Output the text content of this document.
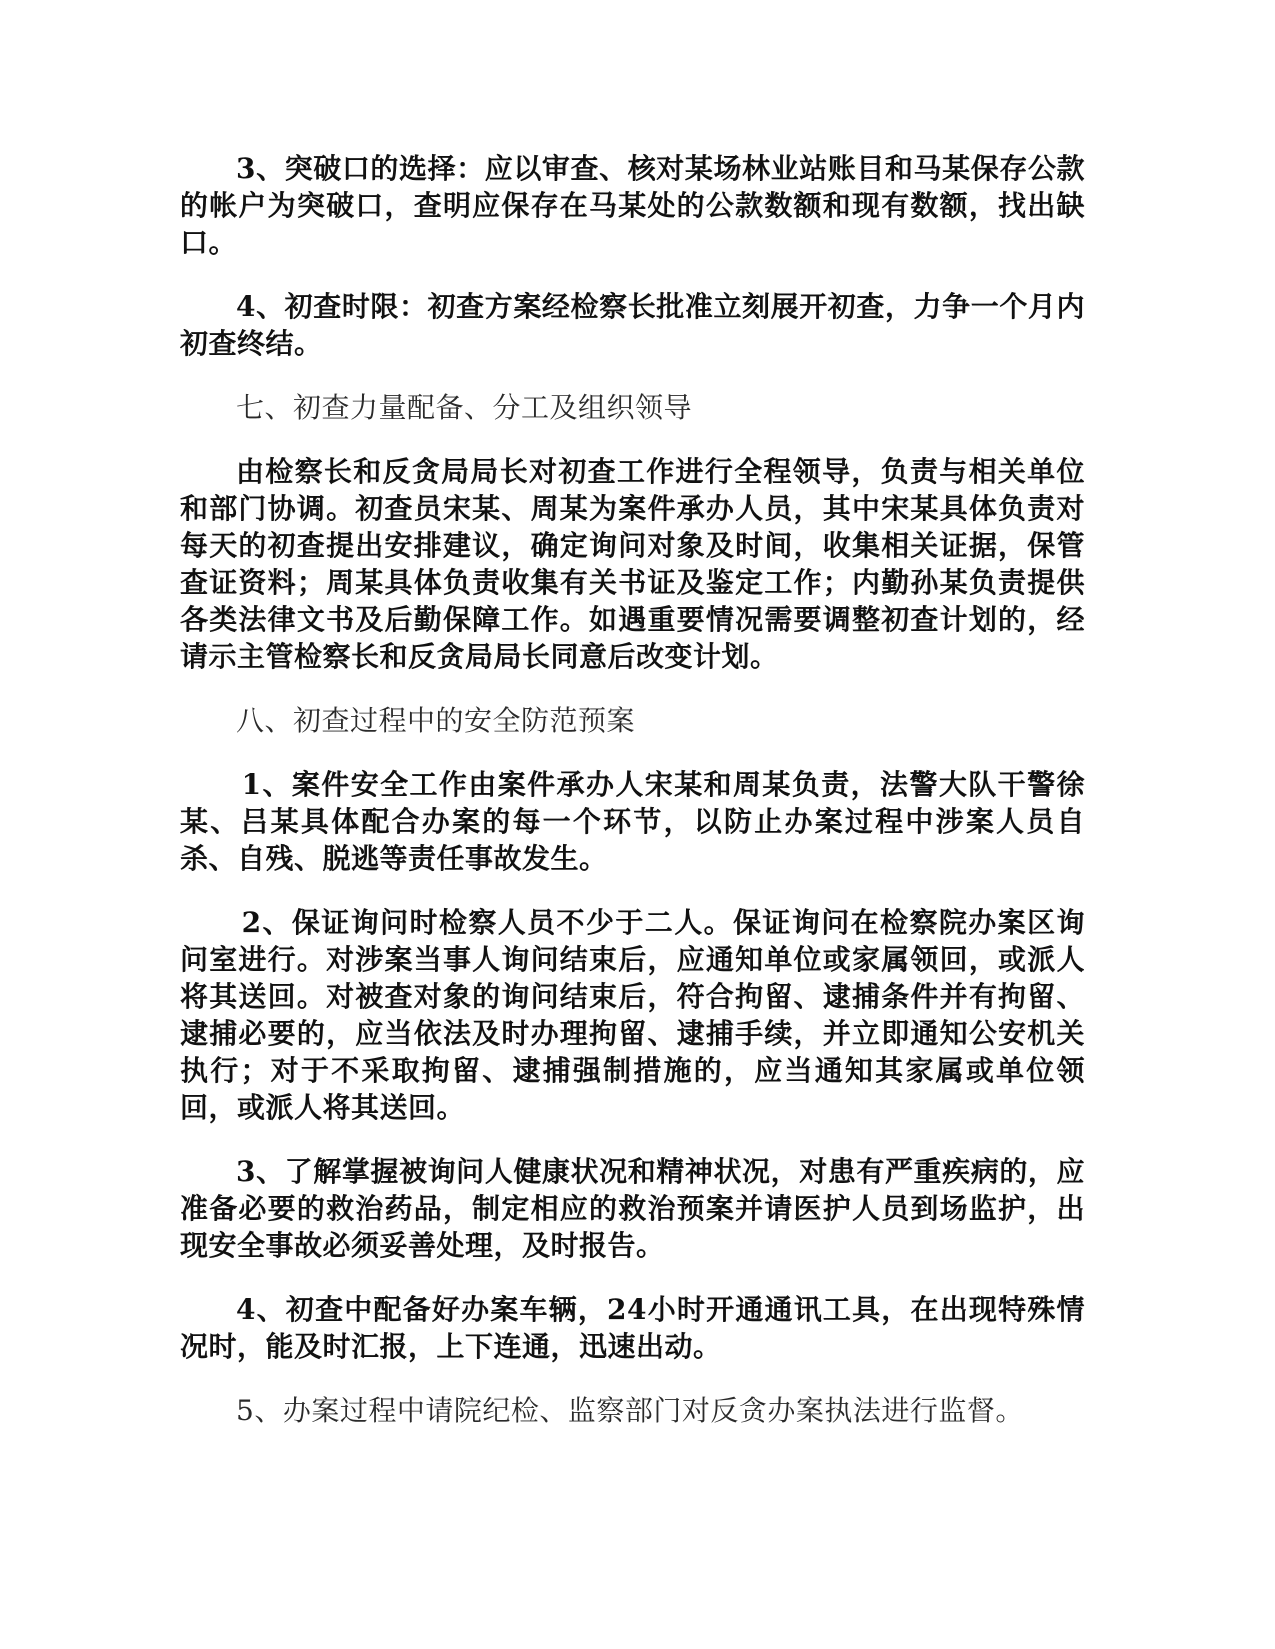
3、突破口的选择：应以审查、核对某场林业站账目和马某保存公款的帐户为突破口，查明应保存在马某处的公款数额和现有数额，找出缺口。

4、初查时限：初查方案经检察长批准立刻展开初查，力争一个月内初查终结。

七、初查力量配备、分工及组织领导

由检察长和反贪局局长对初查工作进行全程领导，负责与相关单位和部门协调。初查员宋某、周某为案件承办人员，其中宋某具体负责对每天的初查提出安排建议，确定询问对象及时间，收集相关证据，保管查证资料；周某具体负责收集有关书证及鉴定工作；内勤孙某负责提供各类法律文书及后勤保障工作。如遇重要情况需要调整初查计划的，经请示主管检察长和反贪局局长同意后改变计划。

八、初查过程中的安全防范预案

1、案件安全工作由案件承办人宋某和周某负责，法警大队干警徐某、吕某具体配合办案的每一个环节，以防止办案过程中涉案人员自杀、自残、脱逃等责任事故发生。

2、保证询问时检察人员不少于二人。保证询问在检察院办案区询问室进行。对涉案当事人询问结束后，应通知单位或家属领回，或派人将其送回。对被查对象的询问结束后，符合拘留、逮捕条件并有拘留、逮捕必要的，应当依法及时办理拘留、逮捕手续，并立即通知公安机关执行；对于不采取拘留、逮捕强制措施的，应当通知其家属或单位领回，或派人将其送回。

3、了解掌握被询问人健康状况和精神状况，对患有严重疾病的，应准备必要的救治药品，制定相应的救治预案并请医护人员到场监护，出现安全事故必须妥善处理，及时报告。

4、初查中配备好办案车辆，24小时开通通讯工具，在出现特殊情况时，能及时汇报，上下连通，迅速出动。

5、办案过程中请院纪检、监察部门对反贪办案执法进行监督。
